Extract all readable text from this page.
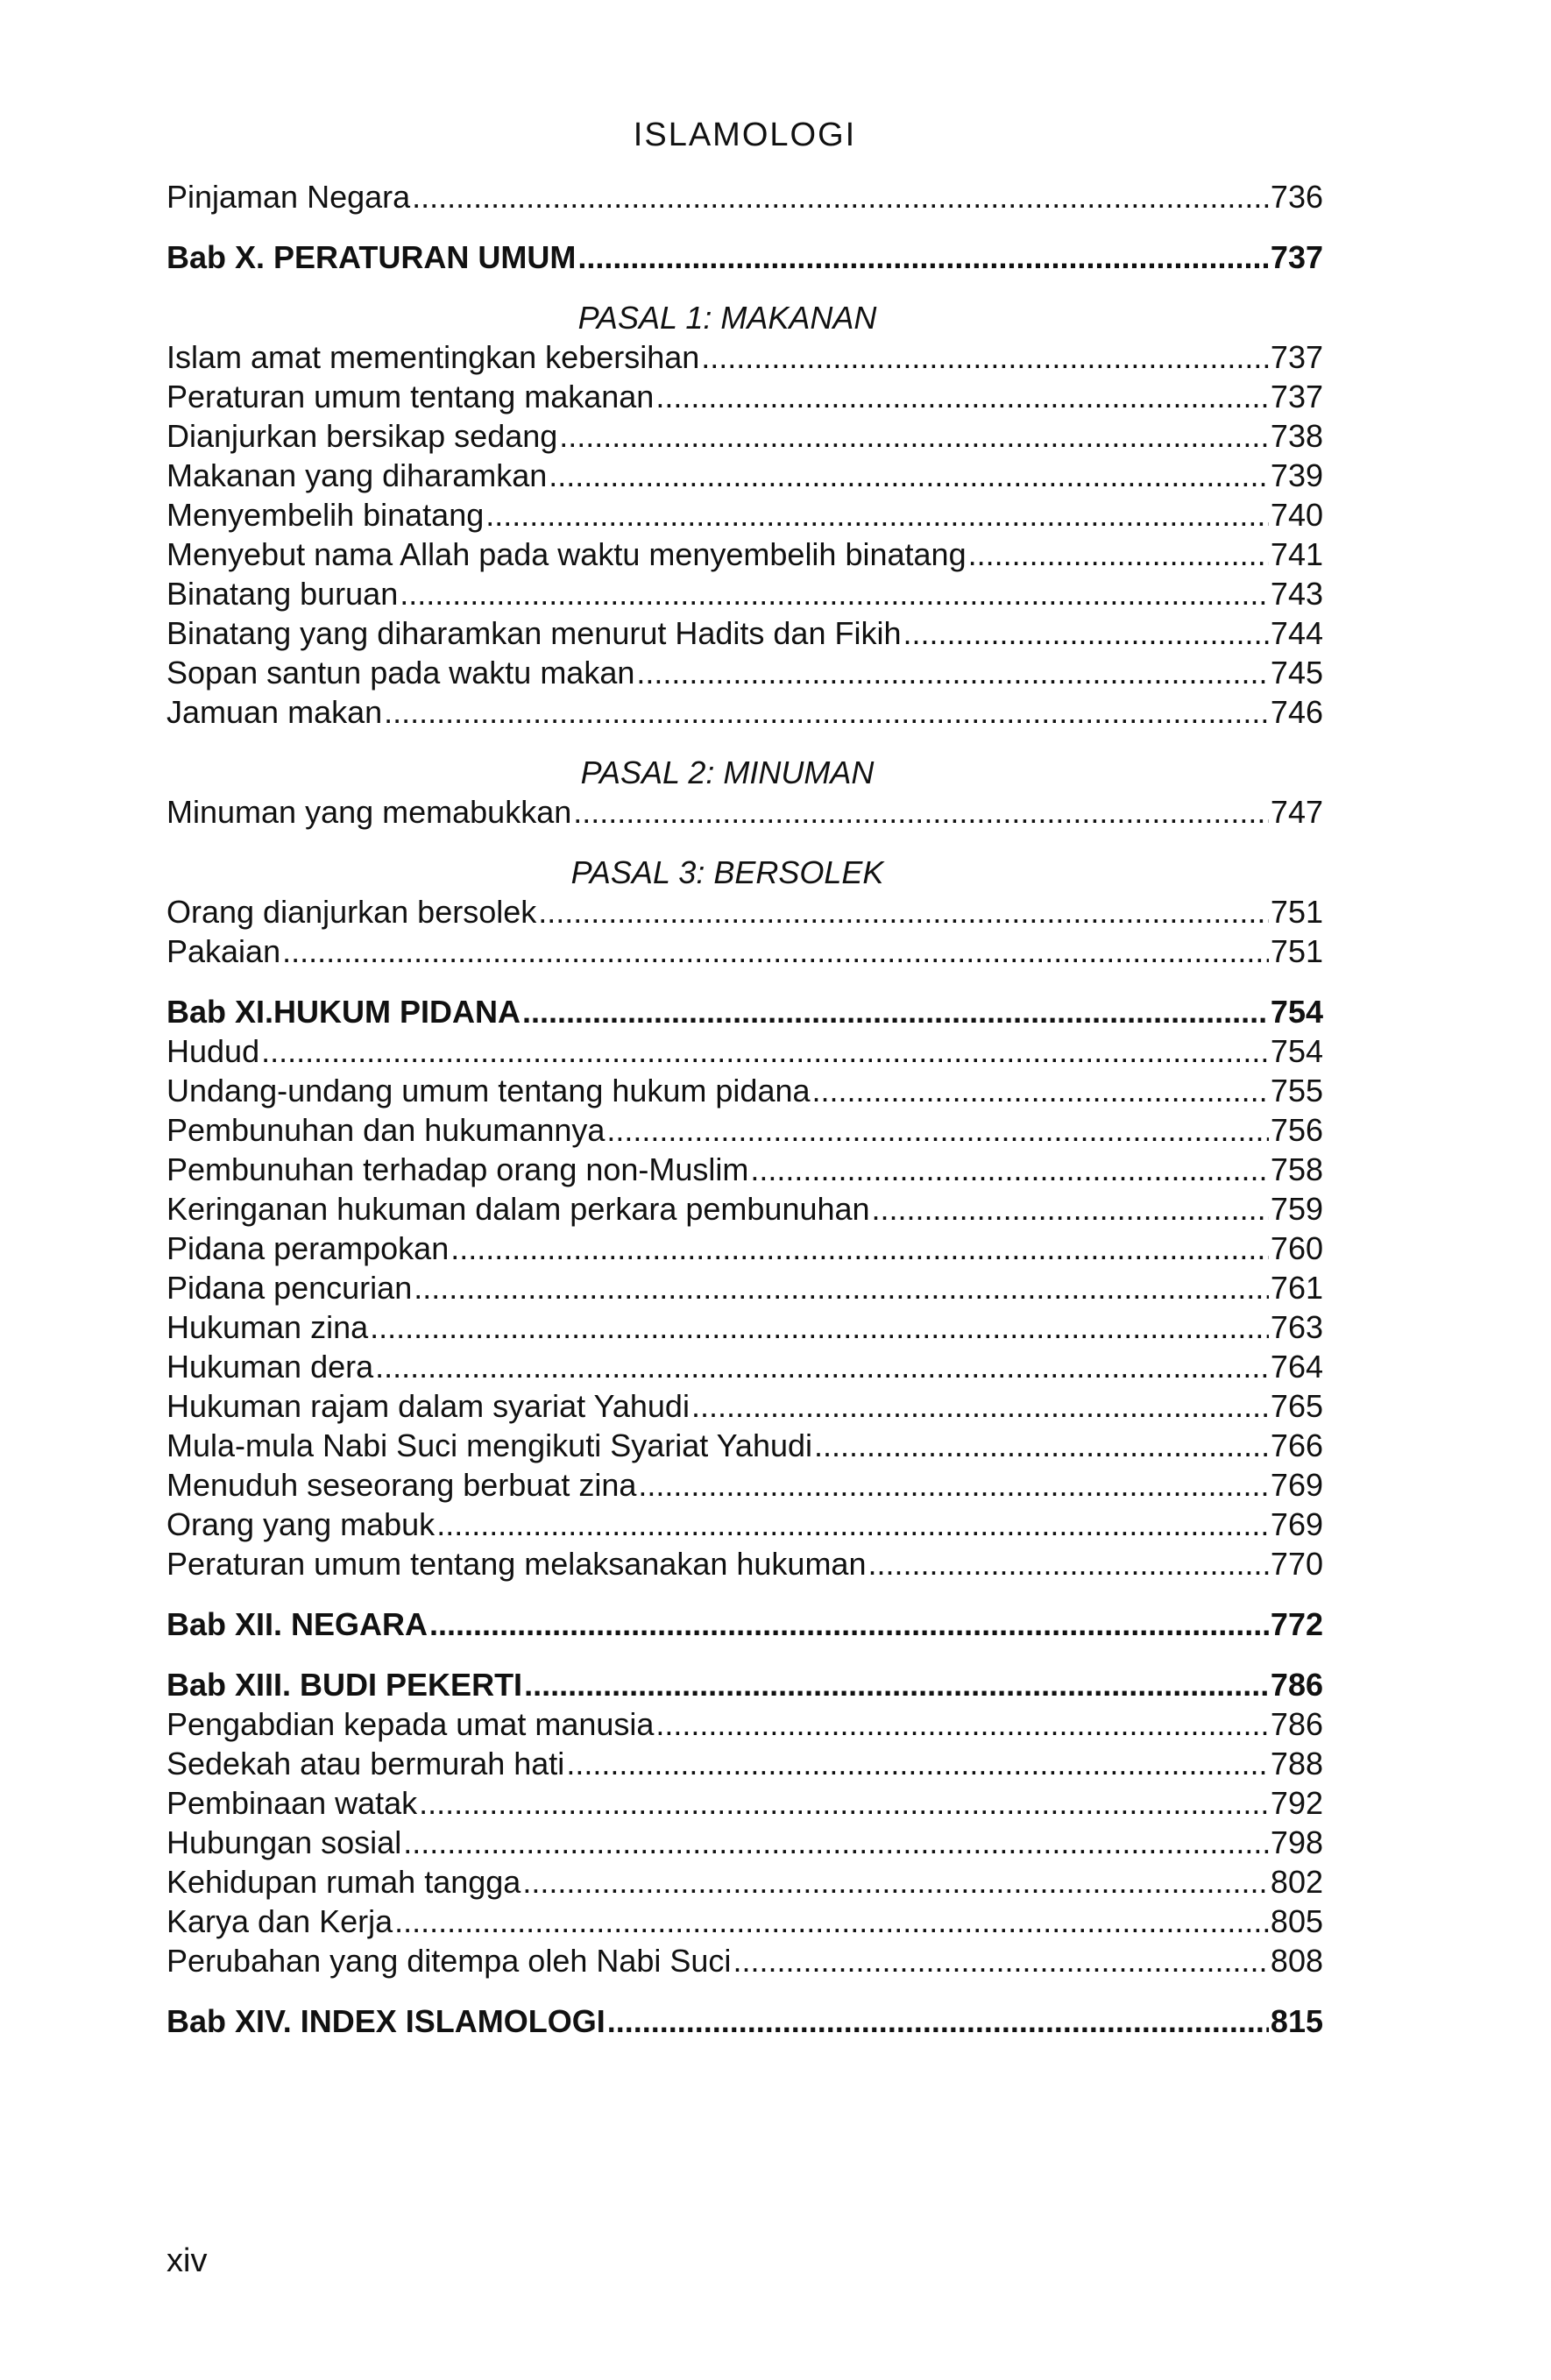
ISLAMOLOGI
Pinjaman Negara .....	736
Bab X. PERATURAN UMUM .....	737
PASAL 1: MAKANAN
Islam amat mementingkan kebersihan .....	737
Peraturan umum tentang makanan .....	737
Dianjurkan bersikap sedang .....	738
Makanan yang diharamkan .....	739
Menyembelih binatang .....	740
Menyebut nama Allah pada waktu menyembelih binatang .....	741
Binatang buruan .....	743
Binatang yang diharamkan menurut Hadits dan Fikih .....	744
Sopan santun pada waktu makan .....	745
Jamuan makan .....	746
PASAL 2: MINUMAN
Minuman yang memabukkan .....	747
PASAL 3: BERSOLEK
Orang dianjurkan bersolek .....	751
Pakaian .....	751
Bab XI.HUKUM PIDANA .....	754
Hudud .....	754
Undang-undang umum tentang hukum pidana .....	755
Pembunuhan dan hukumannya .....	756
Pembunuhan terhadap orang non-Muslim .....	758
Keringanan hukuman dalam perkara pembunuhan .....	759
Pidana perampokan .....	760
Pidana pencurian .....	761
Hukuman zina .....	763
Hukuman dera .....	764
Hukuman rajam dalam syariat Yahudi .....	765
Mula-mula Nabi Suci mengikuti Syariat Yahudi .....	766
Menuduh seseorang berbuat zina .....	769
Orang yang mabuk .....	769
Peraturan umum tentang melaksanakan hukuman .....	770
Bab XII. NEGARA .....	772
Bab XIII. BUDI PEKERTI .....	786
Pengabdian kepada umat manusia .....	786
Sedekah atau bermurah hati .....	788
Pembinaan watak .....	792
Hubungan sosial .....	798
Kehidupan rumah tangga .....	802
Karya dan Kerja .....	805
Perubahan yang ditempa oleh Nabi Suci .....	808
Bab XIV. INDEX ISLAMOLOGI .....	815
xiv
